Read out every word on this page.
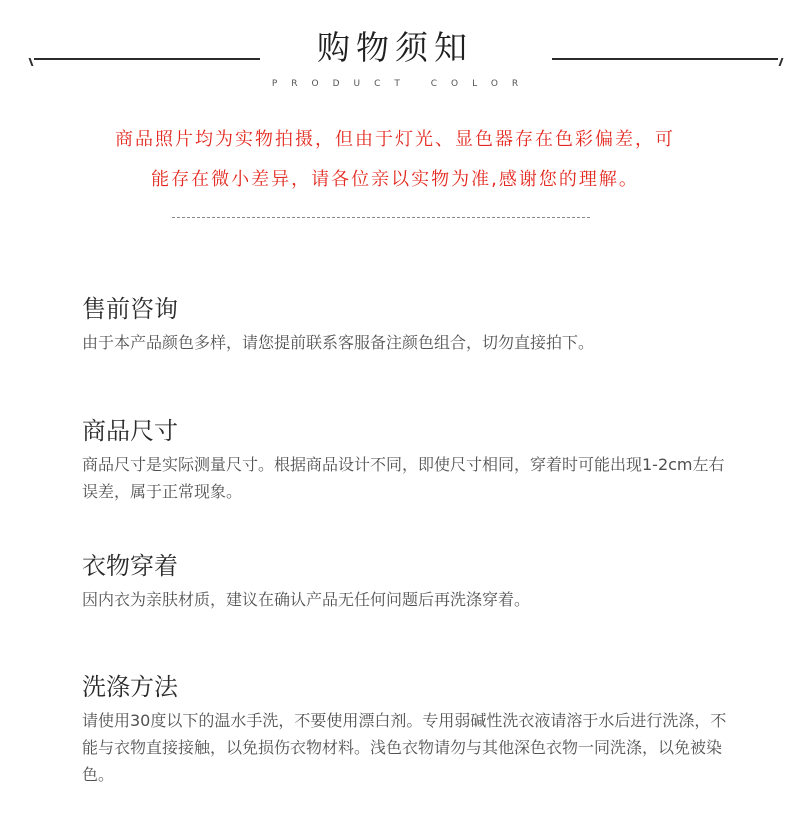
购物须知
PRODUCT COLOR
商品照片均为实物拍摄，但由于灯光、显色器存在色彩偏差，可
能存在微小差异，请各位亲以实物为准,感谢您的理解。
售前咨询

由于本产品颜色多样，请您提前联系客服备注颜色组合，切勿直接拍下。

商品尺寸

商品尺寸是实际测量尺寸。根据商品设计不同，即使尺寸相同，穿着时可能出现1-2cm左右误差，属于正常现象。

衣物穿着

因内衣为亲肤材质，建议在确认产品无任何问题后再洗涤穿着。

洗涤方法

请使用30度以下的温水手洗，不要使用漂白剂。专用弱碱性洗衣液请溶于水后进行洗涤，不能与衣物直接接触，以免损伤衣物材料。浅色衣物请勿与其他深色衣物一同洗涤，以免被染色。
